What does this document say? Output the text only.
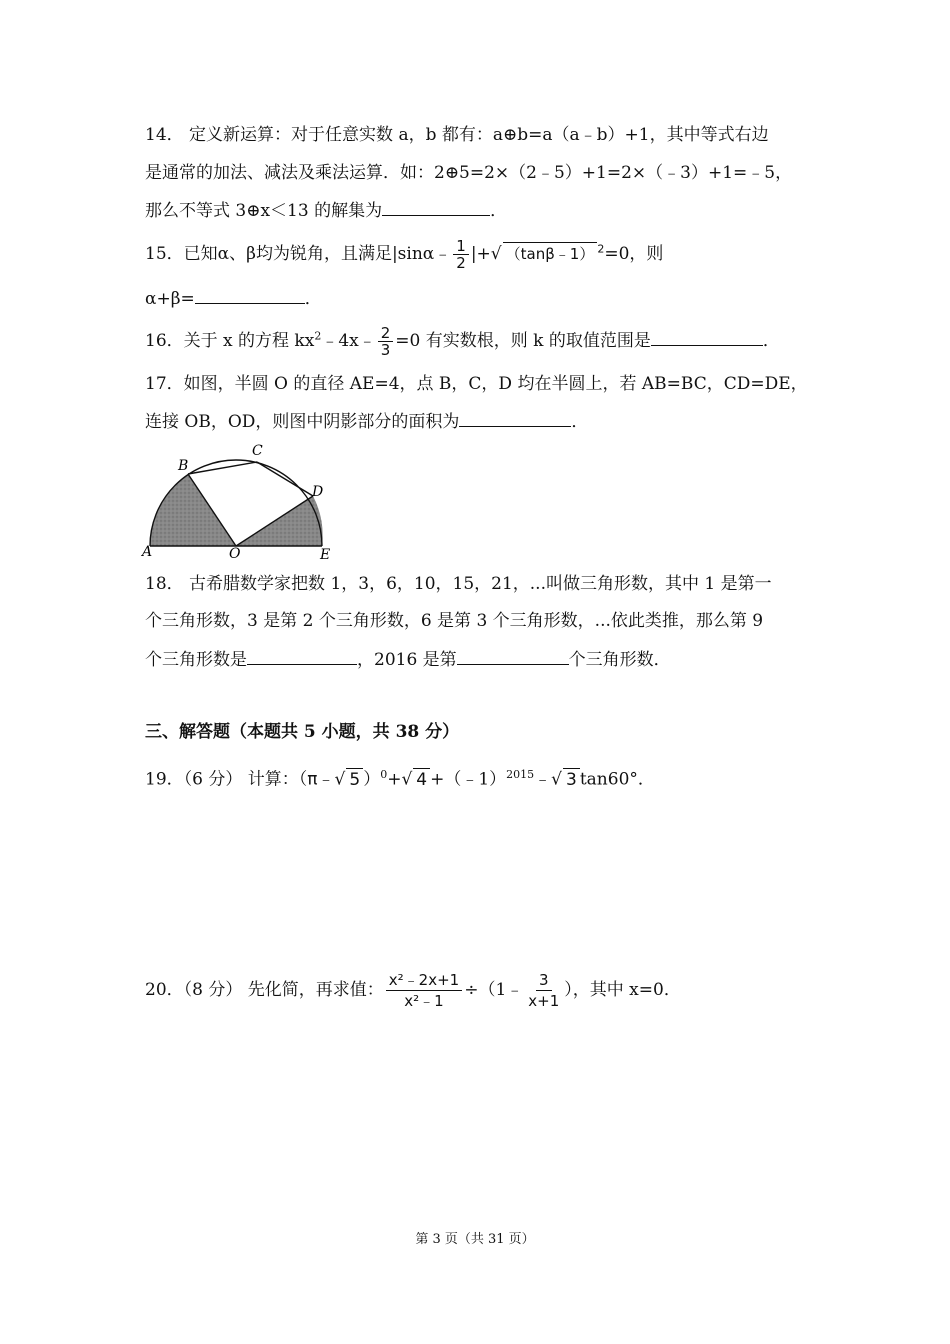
14． 定义新运算：对于任意实数 a，b 都有：a⊕b=a（a﹣b）+1，其中等式右边
是通常的加法、减法及乘法运算．如：2⊕5=2×（2﹣5）+1=2×（﹣3）+1=﹣5，
那么不等式 3⊕x＜13 的解集为	．
15．已知α、β均为锐角，且满足|sinα﹣ $\frac{1}{2}$ |+√ （tanβ﹣1） $^2$=0，则
α+β=	．
16．关于 x 的方程 $kx^2﹣4x﹣ \frac{2}{3} =0$ 有实数根，则 k 的取值范围是	．
17．如图，半圆 O 的直径 AE=4，点 B，C，D 均在半圆上，若 AB=BC，CD=DE，
连接 OB，OD，则图中阴影部分的面积为	．
A
B
C
D
E
O
18． 古希腊数学家把数 1，3，6，10，15，21，...叫做三角形数，其中 1 是第一
个三角形数，3 是第 2 个三角形数，6 是第 3 个三角形数，...依此类推，那么第 9
个三角形数是	，2016 是第	个三角形数．
三、解答题（本题共 5 小题，共 38 分）
19．（6 分） 计算：（π﹣√ 5 ）$^0$+√ 4 +（﹣1）$^{2015}$﹣√ 3 tan60°．
20．（8 分） 先化简，再求值： $\frac{\text{x²﹣2x+1}}{\text{x²﹣1}}$ ÷（1﹣ $\frac{3}{x+1}$ ），其中 x=0．
第 3 页（共 31 页）
